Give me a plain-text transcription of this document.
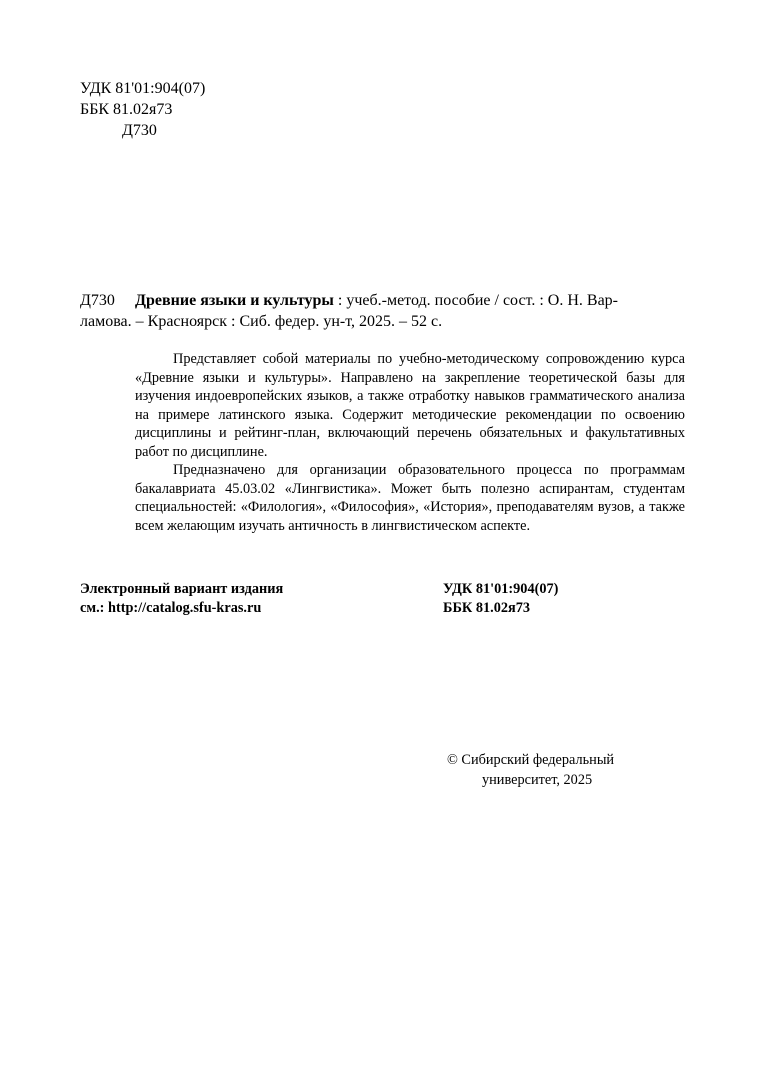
УДК 81'01:904(07)
ББК 81.02я73
Д730
Д730 Древние языки и культуры : учеб.-метод. пособие / сост. : О. Н. Вар-
ламова. – Красноярск : Сиб. федер. ун-т, 2025. – 52 с.

Представляет собой материалы по учебно-методическому сопровождению курса «Древние языки и культуры». Направлено на закрепление теоретической базы для изучения индоевропейских языков, а также отработку навыков грамматического анализа на примере латинского языка. Содержит методические рекомендации по освоению дисциплины и рейтинг-план, включающий перечень обязательных и факультативных работ по дисциплине.

Предназначено для организации образовательного процесса по программам бакалавриата 45.03.02 «Лингвистика». Может быть полезно аспирантам, студентам специальностей: «Филология», «Философия», «История», преподавателям вузов, а также всем желающим изучать античность в лингвистическом аспекте.

Электронный вариант издания
см.: http://catalog.sfu-kras.ru
УДК 81'01:904(07)
ББК 81.02я73
© Сибирский федеральный
университет, 2025
